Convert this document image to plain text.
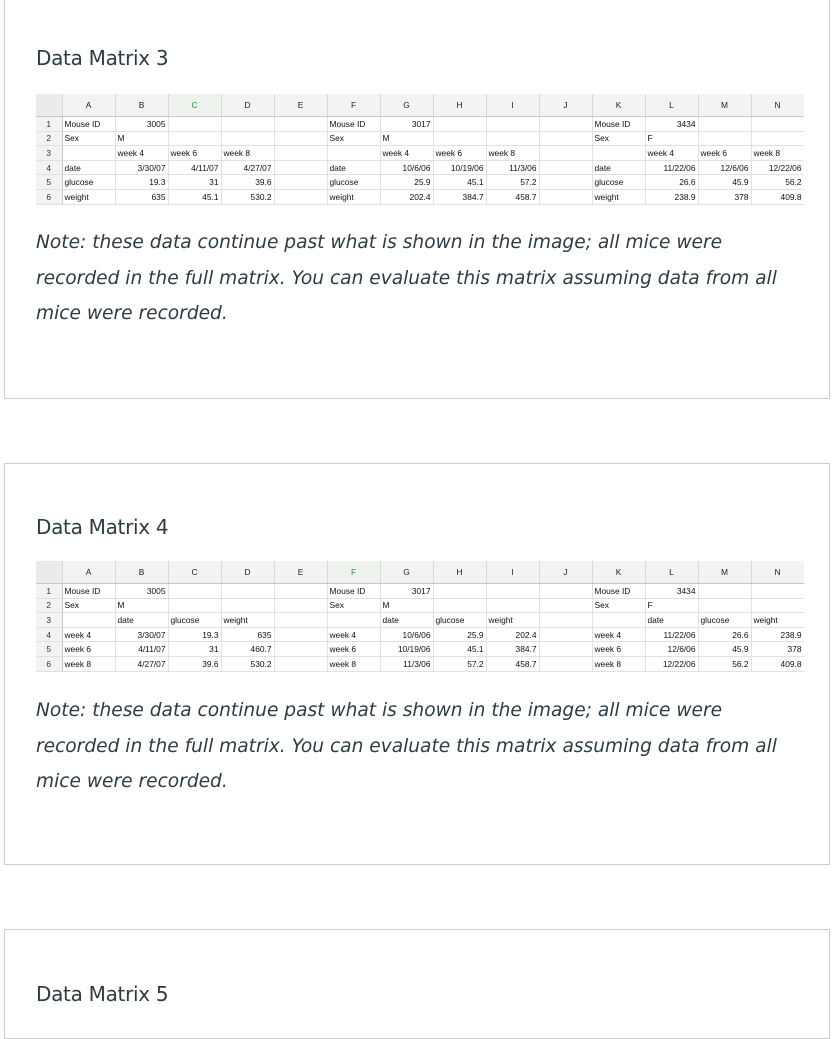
Data Matrix 3
	A	B	C	D	E	F	G	H	I	J	K	L	M	N
1	Mouse ID	3005				Mouse ID	3017				Mouse ID	3434		
2	Sex	M				Sex	M				Sex	F		
3		week 4	week 6	week 8			week 4	week 6	week 8			week 4	week 6	week 8
4	date	3/30/07	4/11/07	4/27/07		date	10/6/06	10/19/06	11/3/06		date	11/22/06	12/6/06	12/22/06
5	glucose	19.3	31	39.6		glucose	25.9	45.1	57.2		glucose	26.6	45.9	56.2
6	weight	635	45.1	530.2		weight	202.4	384.7	458.7		weight	238.9	378	409.8

Note: these data continue past what is shown in the image; all mice were recorded in the full matrix. You can evaluate this matrix assuming data from all mice were recorded.

Data Matrix 4
	A	B	C	D	E	F	G	H	I	J	K	L	M	N
1	Mouse ID	3005				Mouse ID	3017				Mouse ID	3434		
2	Sex	M				Sex	M				Sex	F		
3		date	glucose	weight			date	glucose	weight			date	glucose	weight
4	week 4	3/30/07	19.3	635		week 4	10/6/06	25.9	202.4		week 4	11/22/06	26.6	238.9
5	week 6	4/11/07	31	460.7		week 6	10/19/06	45.1	384.7		week 6	12/6/06	45.9	378
6	week 8	4/27/07	39.6	530.2		week 8	11/3/06	57.2	458.7		week 8	12/22/06	56.2	409.8

Note: these data continue past what is shown in the image; all mice were recorded in the full matrix. You can evaluate this matrix assuming data from all mice were recorded.

Data Matrix 5
